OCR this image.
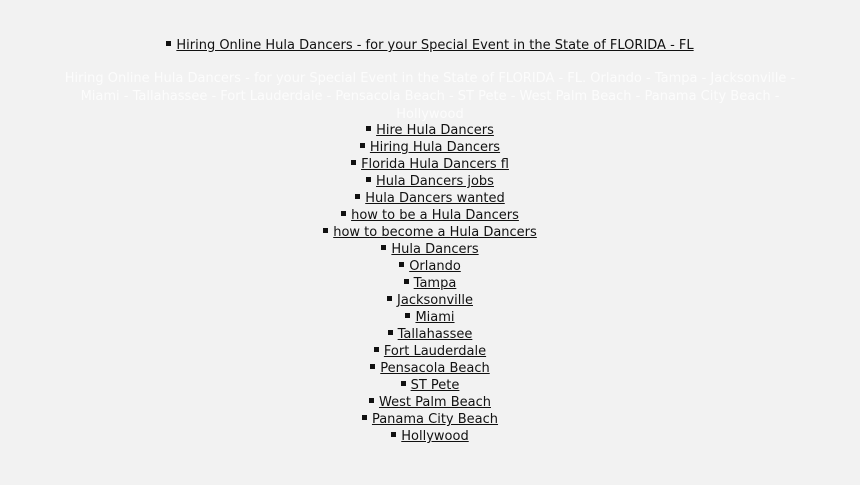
Hiring Online Hula Dancers - for your Special Event in the State of FLORIDA - FL
Hiring Online Hula Dancers - for your Special Event in the State of FLORIDA - FL. Orlando - Tampa - Jacksonville - Miami - Tallahassee - Fort Lauderdale - Pensacola Beach - ST Pete - West Palm Beach - Panama City Beach - Hollywood
Hire Hula Dancers
Hiring Hula Dancers
Florida Hula Dancers fl
Hula Dancers jobs
Hula Dancers wanted
how to be a Hula Dancers
how to become a Hula Dancers
Hula Dancers
Orlando
Tampa
Jacksonville
Miami
Tallahassee
Fort Lauderdale
Pensacola Beach
ST Pete
West Palm Beach
Panama City Beach
Hollywood
